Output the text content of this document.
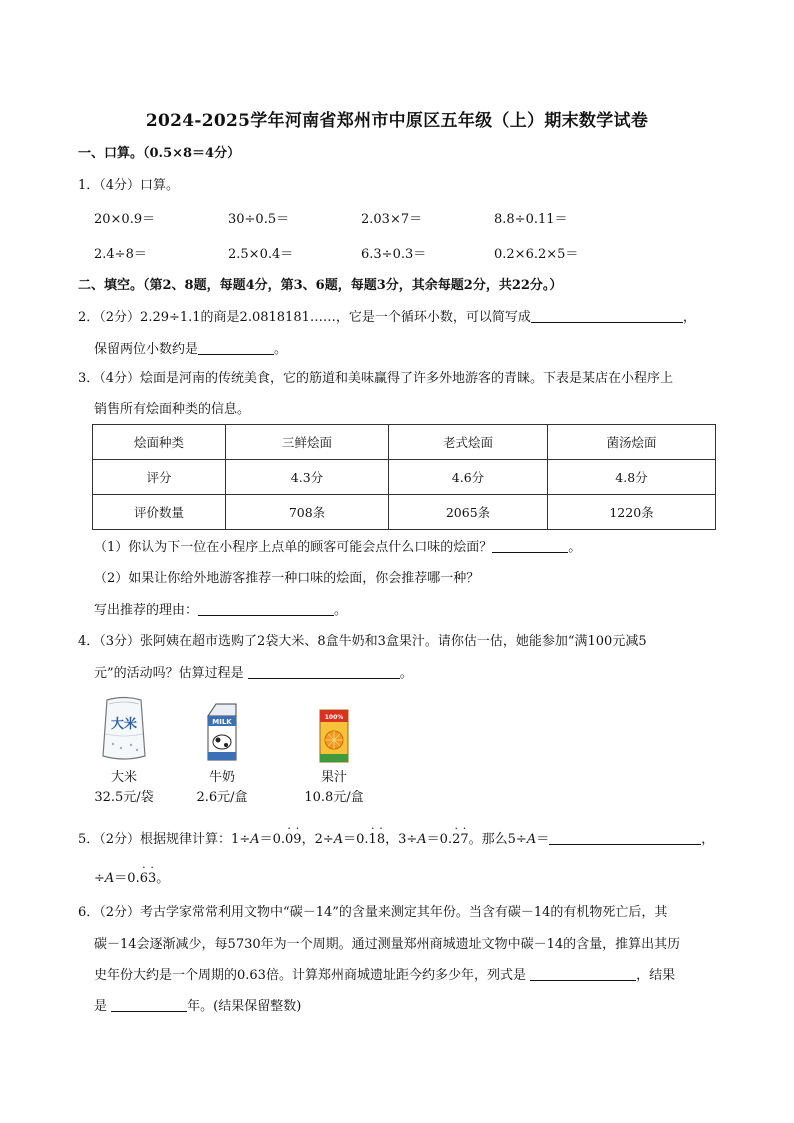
2024-2025学年河南省郑州市中原区五年级（上）期末数学试卷
一、口算。（0.5×8＝4分）
1．（4分）口算。
20×0.9＝	30÷0.5＝	2.03×7＝	8.8÷0.11＝
2.4÷8＝	2.5×0.4＝	6.3÷0.3＝	0.2×6.2×5＝
二、填空。（第2、8题，每题4分，第3、6题，每题3分，其余每题2分，共22分。）
2．（2分）2.29÷1.1的商是2.0818181……，它是一个循环小数，可以简写成	，
保留两位小数约是	。
3．（4分）烩面是河南的传统美食，它的筋道和美味赢得了许多外地游客的青睐。下表是某店在小程序上
销售所有烩面种类的信息。
烩面种类	三鲜烩面	老式烩面	菌汤烩面
评分	4.3分	4.6分	4.8分
评价数量	708条	2065条	1220条
（1）你认为下一位在小程序上点单的顾客可能会点什么口味的烩面？	。
（2）如果让你给外地游客推荐一种口味的烩面，你会推荐哪一种？
写出推荐的理由：	。
4．（3分）张阿姨在超市选购了2袋大米、8盒牛奶和3盒果汁。请你估一估，她能参加“满100元减5
元”的活动吗？估算过程是	。
大米
大米
32.5元/袋
MILK
牛奶
2.6元/盒
100%
果汁
10.8元/盒
5．（2分）根据规律计算：1÷A＝0.· 0· 9，2÷A＝0.· 1· 8，3÷A＝0.· 2· 7。那么5÷A＝	，
÷A＝0.· 6· 3。
6．（2分）考古学家常常利用文物中“碳－14”的含量来测定其年份。当含有碳－14的有机物死亡后，其
碳－14会逐渐减少，每5730年为一个周期。通过测量郑州商城遗址文物中碳－14的含量，推算出其历
史年份大约是一个周期的0.63倍。计算郑州商城遗址距今约多少年，列式是	，结果
是	年。(结果保留整数)
